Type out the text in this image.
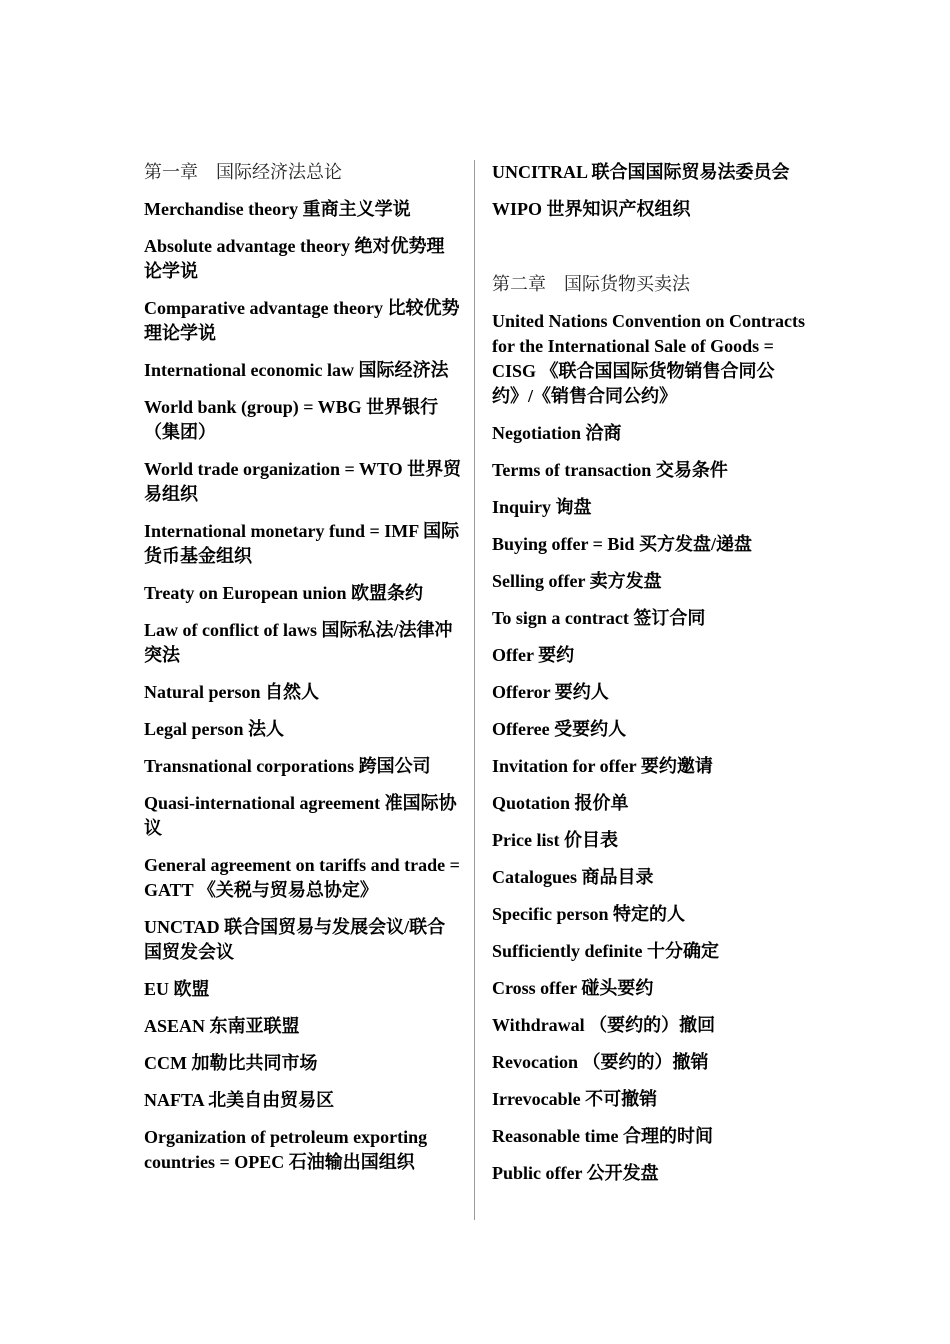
第一章　国际经济法总论

Merchandise theory 重商主义学说

Absolute advantage theory 绝对优势理论学说

Comparative advantage theory 比较优势理论学说

International economic law 国际经济法

World bank (group) = WBG 世界银行（集团）

World trade organization = WTO 世界贸易组织

International monetary fund = IMF 国际货币基金组织

Treaty on European union 欧盟条约

Law of conflict of laws 国际私法/法律冲突法

Natural person 自然人

Legal person 法人

Transnational corporations 跨国公司

Quasi-international agreement 准国际协议

General agreement on tariffs and trade = GATT 《关税与贸易总协定》

UNCTAD 联合国贸易与发展会议/联合国贸发会议

EU 欧盟

ASEAN 东南亚联盟

CCM 加勒比共同市场

NAFTA 北美自由贸易区

Organization of petroleum exporting countries = OPEC 石油输出国组织

UNCITRAL 联合国国际贸易法委员会

WIPO 世界知识产权组织

第二章　国际货物买卖法

United Nations Convention on Contracts for the International Sale of Goods = CISG 《联合国国际货物销售合同公约》/《销售合同公约》

Negotiation 洽商

Terms of transaction 交易条件

Inquiry 询盘

Buying offer = Bid 买方发盘/递盘

Selling offer 卖方发盘

To sign a contract 签订合同

Offer 要约

Offeror 要约人

Offeree 受要约人

Invitation for offer 要约邀请

Quotation 报价单

Price list 价目表

Catalogues 商品目录

Specific person 特定的人

Sufficiently definite 十分确定

Cross offer 碰头要约

Withdrawal （要约的）撤回

Revocation （要约的）撤销

Irrevocable 不可撤销

Reasonable time 合理的时间

Public offer 公开发盘
